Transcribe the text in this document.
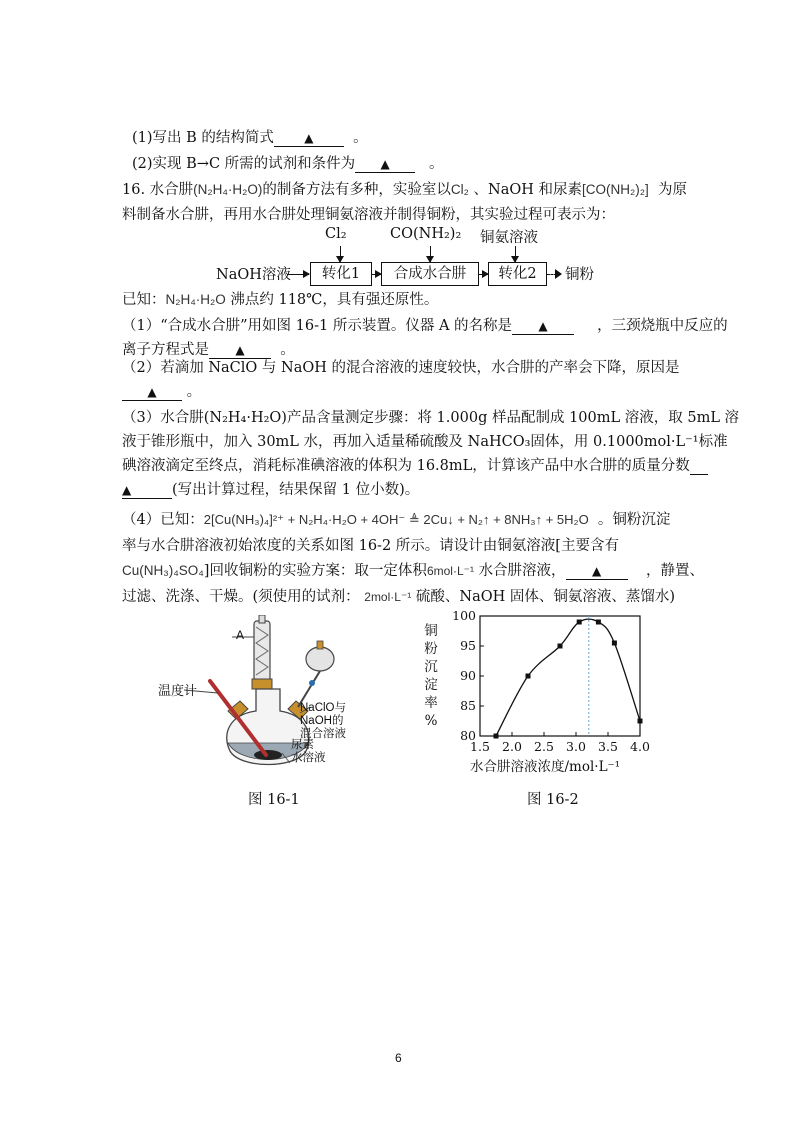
(1)写出 B 的结构简式	▲  。
(2)实现 B→C 所需的试剂和条件为 ▲   。
16. 水合肼(N₂H₄·H₂O)的制备方法有多种，实验室以Cl₂ 、NaOH 和尿素[CO(NH₂)₂] 为原
料制备水合肼，再用水合肼处理铜氨溶液并制得铜粉，其实验过程可表示为：
Cl₂	CO(NH₂)₂ 铜氨溶液
NaOH溶液	转化1	合成水合肼	转化2	铜粉
已知：N₂H₄·H₂O 沸点约 118℃，具有强还原性。
（1）“合成水合肼”用如图 16-1 所示装置。仪器 A 的名称是 ▲	，三颈烧瓶中反应的
离子方程式是 ▲  。
（2）若滴加 NaClO 与 NaOH 的混合溶液的速度较快，水合肼的产率会下降，原因是
▲ 。
（3）水合肼(N₂H₄·H₂O)产品含量测定步骤：将 1.000g 样品配制成 100mL 溶液，取 5mL 溶
液于锥形瓶中，加入 30mL 水，再加入适量稀硫酸及 NaHCO₃固体，用 0.1000mol·L⁻¹标准
碘溶液滴定至终点，消耗标准碘溶液的体积为 16.8mL，计算该产品中水合肼的质量分数
▲	(写出计算过程，结果保留 1 位小数)。
（4）已知：2[Cu(NH₃)₄]²⁺ + N₂H₄·H₂O + 4OH⁻ ≜ 2Cu↓ + N₂↑ + 8NH₃↑ + 5H₂O 。铜粉沉淀
率与水合肼溶液初始浓度的关系如图 16-2 所示。请设计由铜氨溶液[主要含有
Cu(NH₃)₄SO₄]回收铜粉的实验方案：取一定体积6mol·L⁻¹ 水合肼溶液， ▲	，静置、
过滤、洗涤、干燥。(须使用的试剂： 2mol·L⁻¹ 硫酸、NaOH 固体、铜氨溶液、蒸馏水)
A
温度计
NaClO与
NaOH的
混合溶液
尿素
水溶液
图 16-1
铜
粉
沉
淀
率
%
1.5 2.0 2.5 3.0 3.5 4.0
80
85
90
95
100
水合肼溶液浓度/mol·L⁻¹
图 16-2
6
